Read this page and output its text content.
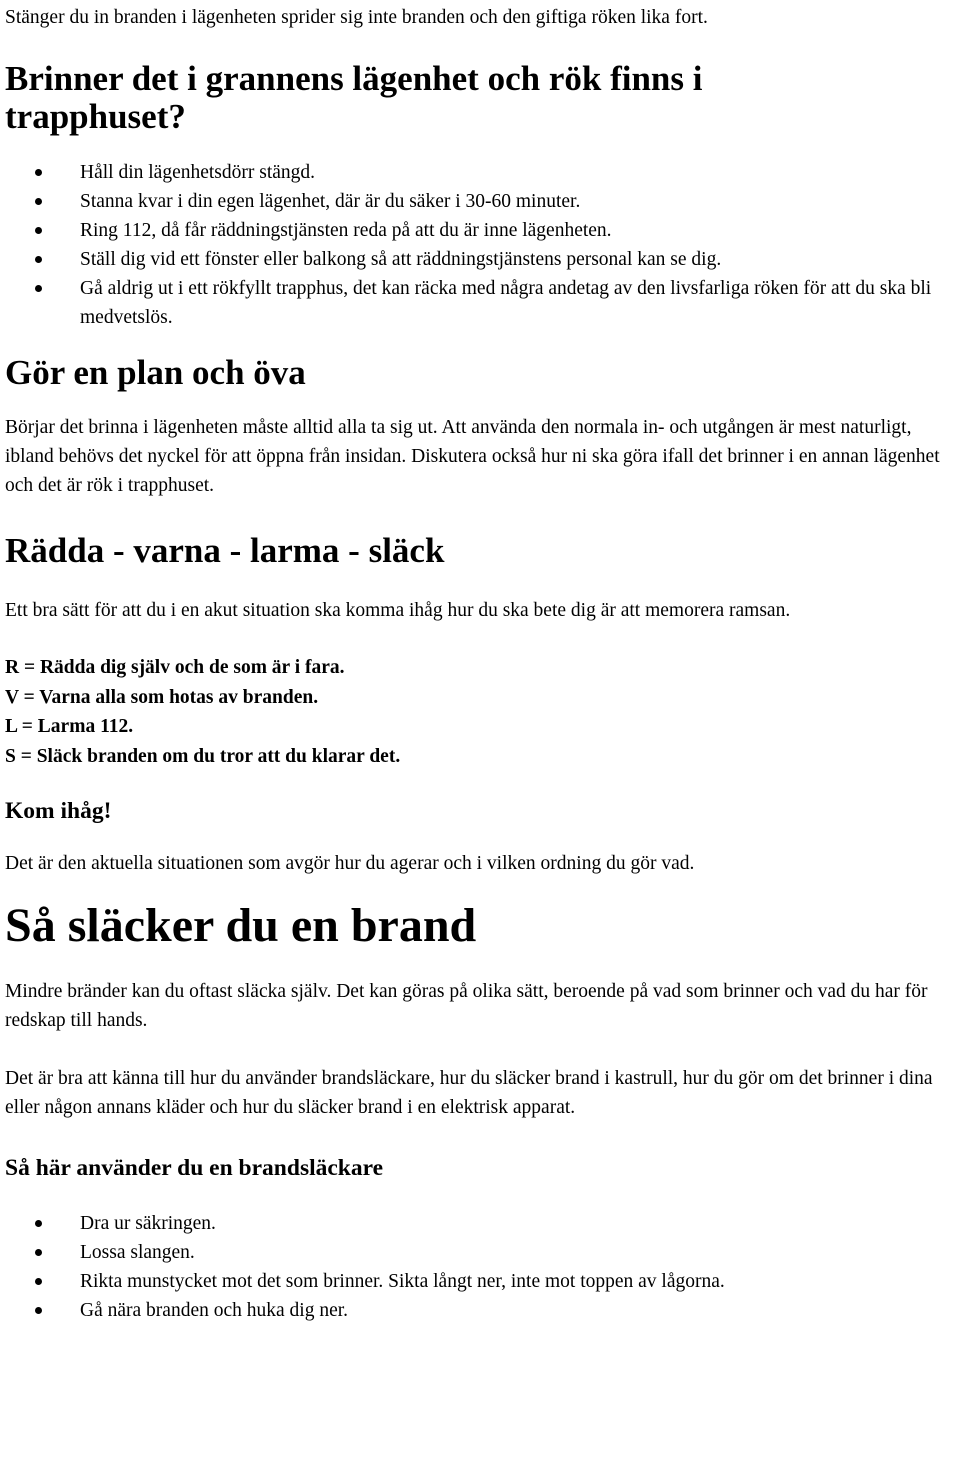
Stänger du in branden i lägenheten sprider sig inte branden och den giftiga röken lika fort.

Brinner det i grannens lägenhet och rök finns i
trapphuset?
Håll din lägenhetsdörr stängd.
Stanna kvar i din egen lägenhet, där är du säker i 30-60 minuter.
Ring 112, då får räddningstjänsten reda på att du är inne lägenheten.
Ställ dig vid ett fönster eller balkong så att räddningstjänstens personal kan se dig.
Gå aldrig ut i ett rökfyllt trapphus, det kan räcka med några andetag av den livsfarliga röken för att du ska bli medvetslös.
Gör en plan och öva

Börjar det brinna i lägenheten måste alltid alla ta sig ut. Att använda den normala in- och utgången är mest naturligt, ibland behövs det nyckel för att öppna från insidan. Diskutera också hur ni ska göra ifall det brinner i en annan lägenhet och det är rök i trapphuset.

Rädda - varna - larma - släck

Ett bra sätt för att du i en akut situation ska komma ihåg hur du ska bete dig är att memorera ramsan.

R = Rädda dig själv och de som är i fara.

V = Varna alla som hotas av branden.

L = Larma 112.

S = Släck branden om du tror att du klarar det.

Kom ihåg!

Det är den aktuella situationen som avgör hur du agerar och i vilken ordning du gör vad.

Så släcker du en brand

Mindre bränder kan du oftast släcka själv. Det kan göras på olika sätt, beroende på vad som brinner och vad du har för redskap till hands.

Det är bra att känna till hur du använder brandsläckare, hur du släcker brand i kastrull, hur du gör om det brinner i dina eller någon annans kläder och hur du släcker brand i en elektrisk apparat.

Så här använder du en brandsläckare
Dra ur säkringen.
Lossa slangen.
Rikta munstycket mot det som brinner. Sikta långt ner, inte mot toppen av lågorna.
Gå nära branden och huka dig ner.
